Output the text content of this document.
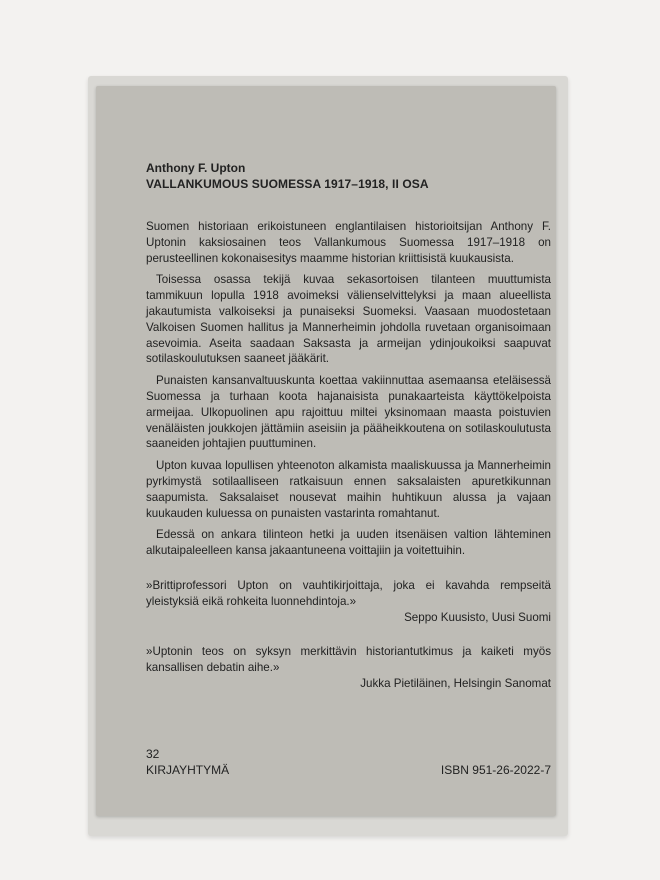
Anthony F. Upton

VALLANKUMOUS SUOMESSA 1917–1918, II OSA

Suomen historiaan erikoistuneen englantilaisen historioitsijan Anthony F. Uptonin kaksiosainen teos Vallankumous Suomessa 1917–1918 on perusteellinen kokonaisesitys maamme historian kriittisistä kuukausista.

Toisessa osassa tekijä kuvaa sekasortoisen tilanteen muuttumista tammikuun lopulla 1918 avoimeksi välienselvittelyksi ja maan alueellista jakautumista valkoiseksi ja punaiseksi Suomeksi. Vaasaan muodostetaan Valkoisen Suomen hallitus ja Mannerheimin johdolla ruvetaan organisoimaan asevoimia. Aseita saadaan Saksasta ja armeijan ydinjoukoiksi saapuvat sotilaskoulutuksen saaneet jääkärit.

Punaisten kansanvaltuuskunta koettaa vakiinnuttaa asemaansa eteläisessä Suomessa ja turhaan koota hajanaisista punakaarteista käyttökelpoista armeijaa. Ulkopuolinen apu rajoittuu miltei yksinomaan maasta poistuvien venäläisten joukkojen jättämiin aseisiin ja pääheikkoutena on sotilaskoulutusta saaneiden johtajien puuttuminen.

Upton kuvaa lopullisen yhteenoton alkamista maaliskuussa ja Mannerheimin pyrkimystä sotilaalliseen ratkaisuun ennen saksalaisten apuretkikunnan saapumista. Saksalaiset nousevat maihin huhtikuun alussa ja vajaan kuukauden kuluessa on punaisten vastarinta romahtanut.

Edessä on ankara tilinteon hetki ja uuden itsenäisen valtion lähteminen alkutaipaleelleen kansa jakaantuneena voittajiin ja voitettuihin.

»Brittiprofessori Upton on vauhtikirjoittaja, joka ei kavahda rempseitä yleistyksiä eikä rohkeita luonnehdintoja.»

Seppo Kuusisto, Uusi Suomi

»Uptonin teos on syksyn merkittävin historiantutkimus ja kaiketi myös kansallisen debatin aihe.»

Jukka Pietiläinen, Helsingin Sanomat

32

KIRJAYHTYMÄ	ISBN 951-26-2022-7
